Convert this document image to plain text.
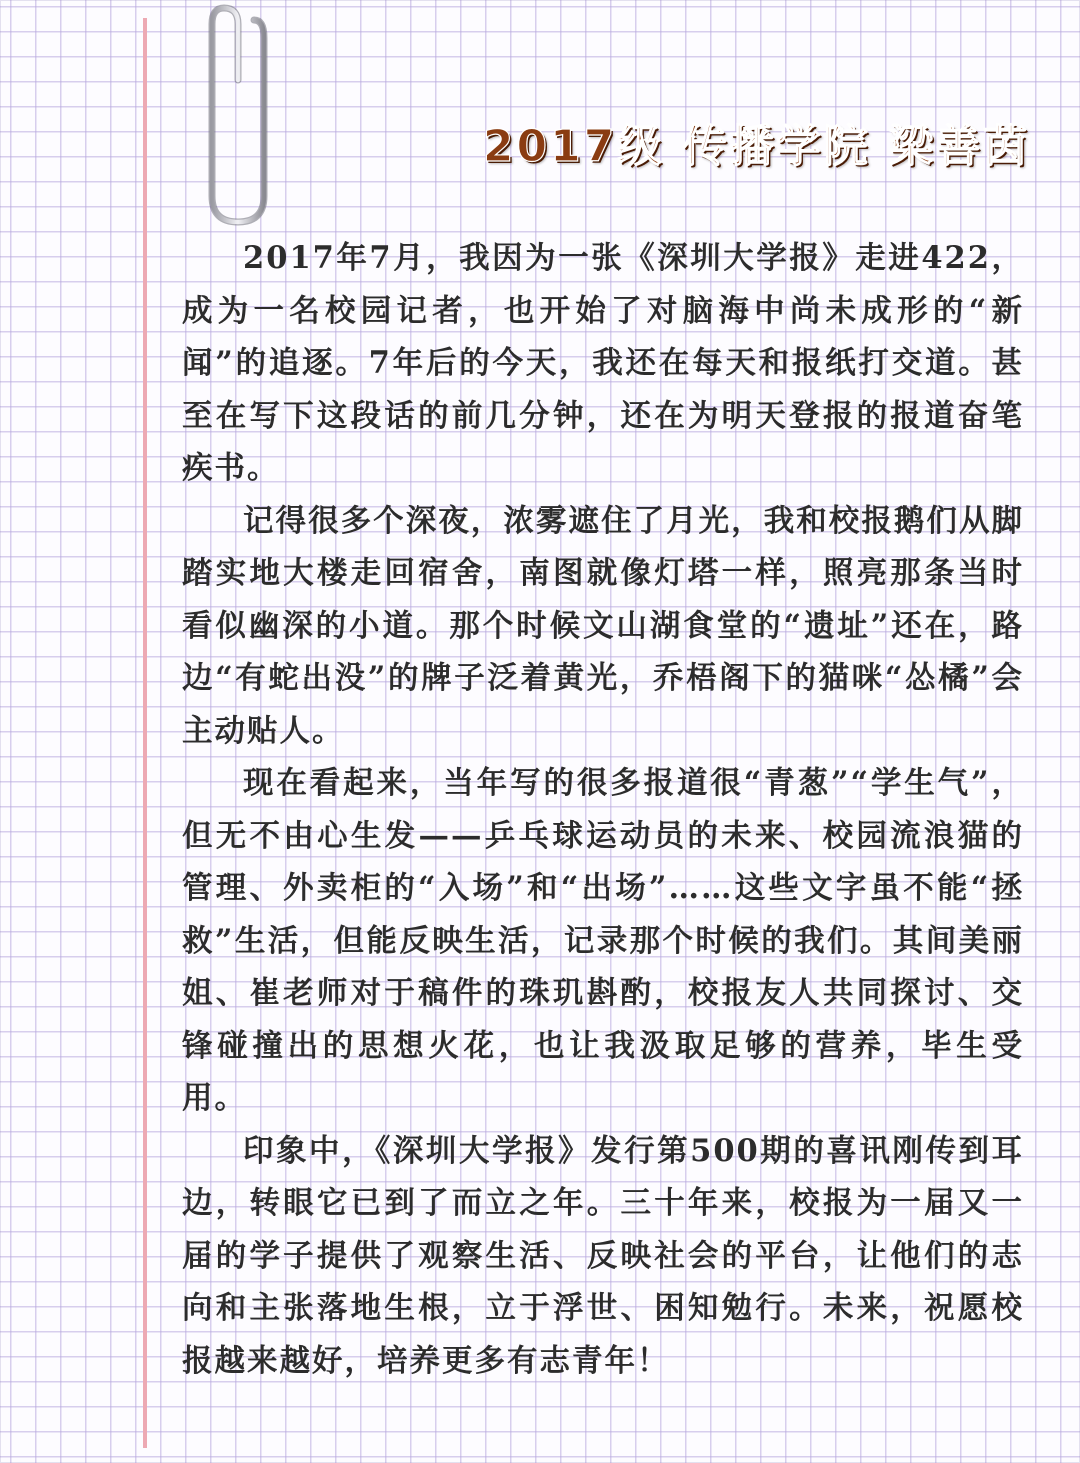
2017级 传播学院 梁善茵

2017年7月，我因为一张《深圳大学报》走进422，成为一名校园记者，也开始了对脑海中尚未成形的“新闻”的追逐。7年后的今天，我还在每天和报纸打交道。甚至在写下这段话的前几分钟，还在为明天登报的报道奋笔疾书。

记得很多个深夜，浓雾遮住了月光，我和校报鹅们从脚踏实地大楼走回宿舍，南图就像灯塔一样，照亮那条当时看似幽深的小道。那个时候文山湖食堂的“遗址”还在，路边“有蛇出没”的牌子泛着黄光，乔梧阁下的猫咪“怂橘”会主动贴人。

现在看起来，当年写的很多报道很“青葱”“学生气”，但无不由心生发——乒乓球运动员的未来、校园流浪猫的管理、外卖柜的“入场”和“出场”……这些文字虽不能“拯救”生活，但能反映生活，记录那个时候的我们。其间美丽姐、崔老师对于稿件的珠玑斟酌，校报友人共同探讨、交锋碰撞出的思想火花，也让我汲取足够的营养，毕生受用。

印象中，《深圳大学报》发行第500期的喜讯刚传到耳边，转眼它已到了而立之年。三十年来，校报为一届又一届的学子提供了观察生活、反映社会的平台，让他们的志向和主张落地生根，立于浮世、困知勉行。未来，祝愿校报越来越好，培养更多有志青年！
